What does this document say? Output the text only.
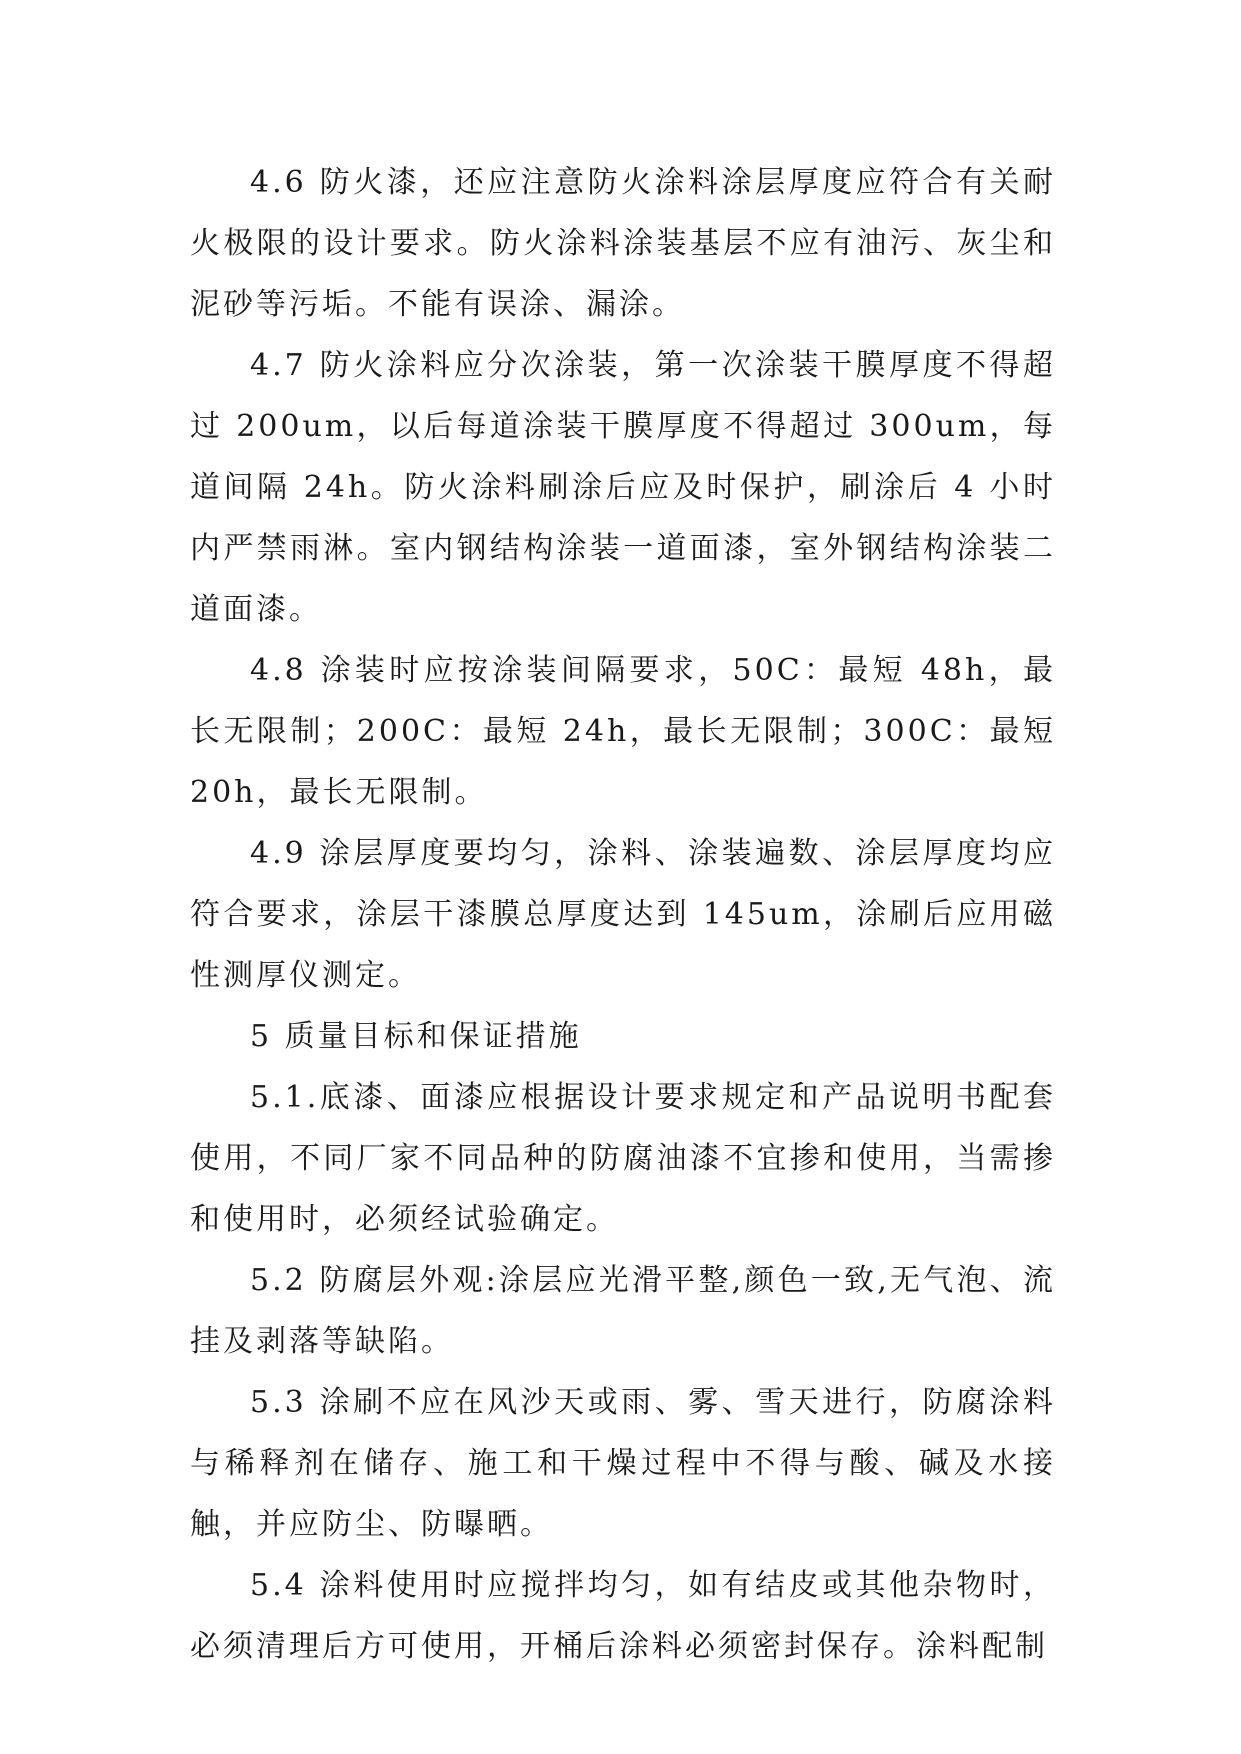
4.6 防火漆，还应注意防火涂料涂层厚度应符合有关耐火极限的设计要求。防火涂料涂装基层不应有油污、灰尘和泥砂等污垢。不能有误涂、漏涂。

4.7 防火涂料应分次涂装，第一次涂装干膜厚度不得超过 200um，以后每道涂装干膜厚度不得超过 300um，每道间隔 24h。防火涂料刷涂后应及时保护，刷涂后 4 小时内严禁雨淋。室内钢结构涂装一道面漆，室外钢结构涂装二道面漆。

4.8 涂装时应按涂装间隔要求，50C：最短 48h，最长无限制；200C：最短 24h，最长无限制；300C：最短 20h，最长无限制。

4.9 涂层厚度要均匀，涂料、涂装遍数、涂层厚度均应符合要求，涂层干漆膜总厚度达到 145um，涂刷后应用磁性测厚仪测定。

5 质量目标和保证措施

5.1.底漆、面漆应根据设计要求规定和产品说明书配套使用，不同厂家不同品种的防腐油漆不宜掺和使用，当需掺和使用时，必须经试验确定。

5.2 防腐层外观:涂层应光滑平整,颜色一致,无气泡、流挂及剥落等缺陷。

5.3 涂刷不应在风沙天或雨、雾、雪天进行，防腐涂料与稀释剂在储存、施工和干燥过程中不得与酸、碱及水接触，并应防尘、防曝晒。

5.4 涂料使用时应搅拌均匀，如有结皮或其他杂物时，必须清理后方可使用，开桶后涂料必须密封保存。涂料配制
